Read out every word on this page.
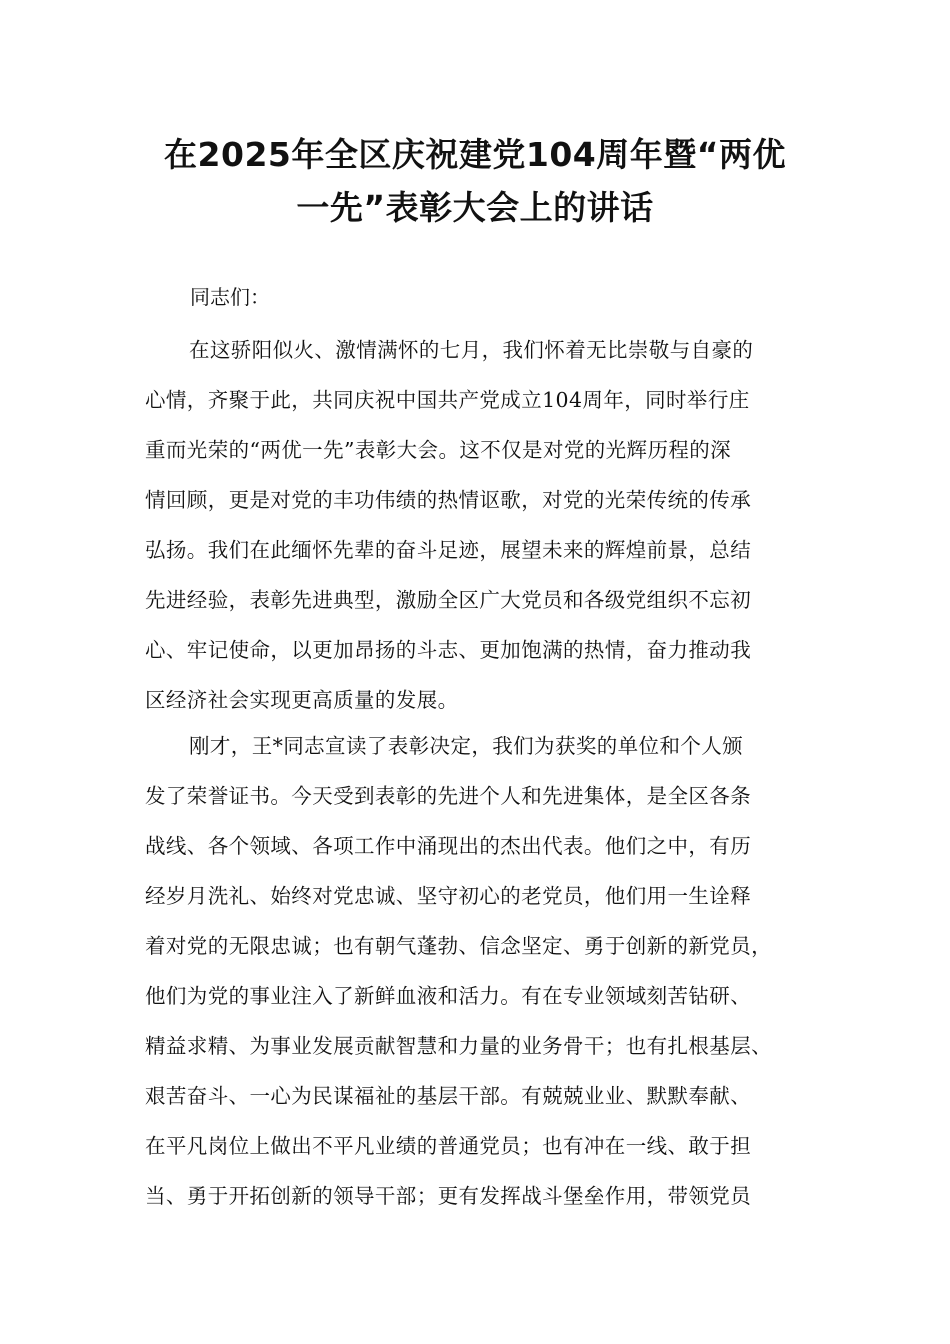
在2025年全区庆祝建党104周年暨“两优
一先”表彰大会上的讲话

同志们：

在这骄阳似火、激情满怀的七月，我们怀着无比崇敬与自豪的
心情，齐聚于此，共同庆祝中国共产党成立104周年，同时举行庄
重而光荣的“两优一先”表彰大会。这不仅是对党的光辉历程的深
情回顾，更是对党的丰功伟绩的热情讴歌，对党的光荣传统的传承
弘扬。我们在此缅怀先辈的奋斗足迹，展望未来的辉煌前景，总结
先进经验，表彰先进典型，激励全区广大党员和各级党组织不忘初
心、牢记使命，以更加昂扬的斗志、更加饱满的热情，奋力推动我
区经济社会实现更高质量的发展。
刚才，王*同志宣读了表彰决定，我们为获奖的单位和个人颁
发了荣誉证书。今天受到表彰的先进个人和先进集体，是全区各条
战线、各个领域、各项工作中涌现出的杰出代表。他们之中，有历
经岁月洗礼、始终对党忠诚、坚守初心的老党员，他们用一生诠释
着对党的无限忠诚；也有朝气蓬勃、信念坚定、勇于创新的新党员，
他们为党的事业注入了新鲜血液和活力。有在专业领域刻苦钻研、
精益求精、为事业发展贡献智慧和力量的业务骨干；也有扎根基层、
艰苦奋斗、一心为民谋福祉的基层干部。有兢兢业业、默默奉献、
在平凡岗位上做出不平凡业绩的普通党员；也有冲在一线、敢于担
当、勇于开拓创新的领导干部；更有发挥战斗堡垒作用，带领党员
